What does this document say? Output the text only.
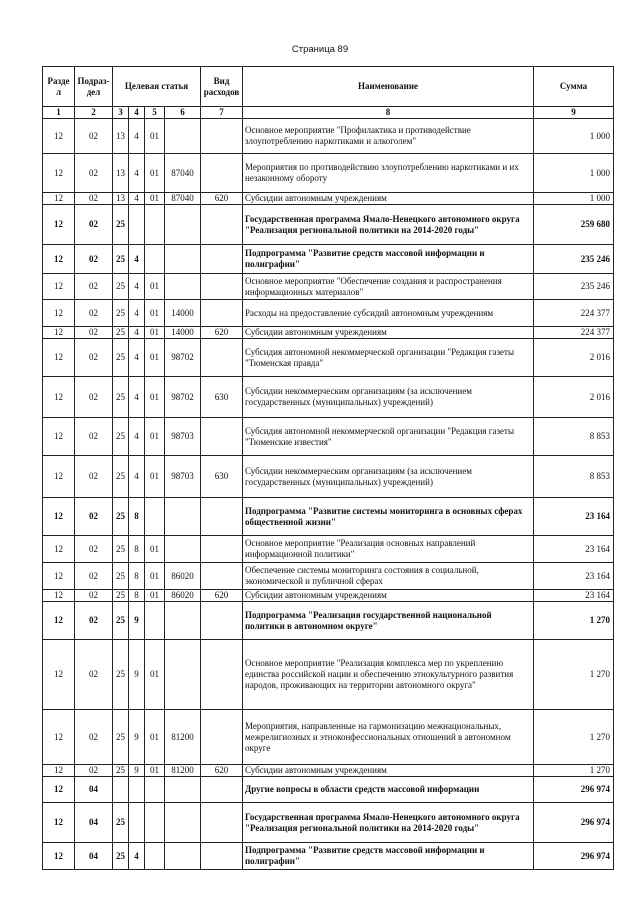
Страница 89
Разде л	Подраз-дел	Целевая статья				Вид расходов	Наименование	Сумма
1	2	3	4	5	6	7	8	9
12	02	13	4	01			Основное мероприятие "Профилактика и противодействие злоупотреблению наркотиками и алкоголем"	1 000
12	02	13	4	01	87040		Мероприятия по противодействию злоупотреблению наркотиками и их незаконному обороту	1 000
12	02	13	4	01	87040	620	Субсидии автономным учреждениям	1 000
12	02	25					Государственная программа Ямало-Ненецкого автономного округа "Реализация региональной политики на 2014-2020 годы"	259 680
12	02	25	4				Подпрограмма "Развитие средств массовой информации и полиграфии"	235 246
12	02	25	4	01			Основное мероприятие "Обеспечение создания и распространения информационных материалов"	235 246
12	02	25	4	01	14000		Расходы на предоставление субсидий автономным учреждениям	224 377
12	02	25	4	01	14000	620	Субсидии автономным учреждениям	224 377
12	02	25	4	01	98702		Субсидия автономной некоммерческой организации "Редакция газеты "Тюменская правда"	2 016
12	02	25	4	01	98702	630	Субсидии некоммерческим организациям (за исключением государственных (муниципальных) учреждений)	2 016
12	02	25	4	01	98703		Субсидия автономной некоммерческой организации "Редакция газеты "Тюменские известия"	8 853
12	02	25	4	01	98703	630	Субсидии некоммерческим организациям (за исключением государственных (муниципальных) учреждений)	8 853
12	02	25	8				Подпрограмма "Развитие системы мониторинга в основных сферах общественной жизни"	23 164
12	02	25	8	01			Основное мероприятие "Реализация основных направлений информационной политики"	23 164
12	02	25	8	01	86020		Обеспечение системы мониторинга состояния в социальной, экономической и публичной сферах	23 164
12	02	25	8	01	86020	620	Субсидии автономным учреждениям	23 164
12	02	25	9				Подпрограмма "Реализация государственной национальной политики в автономном округе"	1 270
12	02	25	9	01			Основное мероприятие "Реализация комплекса мер по укреплению единства российской нации и обеспечению этнокультурного развития народов, проживающих на территории автономного округа"	1 270
12	02	25	9	01	81200		Мероприятия, направленные на гармонизацию межнациональных, межрелигиозных и этноконфессиональных отношений в автономном округе	1 270
12	02	25	9	01	81200	620	Субсидии автономным учреждениям	1 270
12	04						Другие вопросы в области средств массовой информации	296 974
12	04	25					Государственная программа Ямало-Ненецкого автономного округа "Реализация региональной политики на 2014-2020 годы"	296 974
12	04	25	4				Подпрограмма "Развитие средств массовой информации и полиграфии"	296 974
